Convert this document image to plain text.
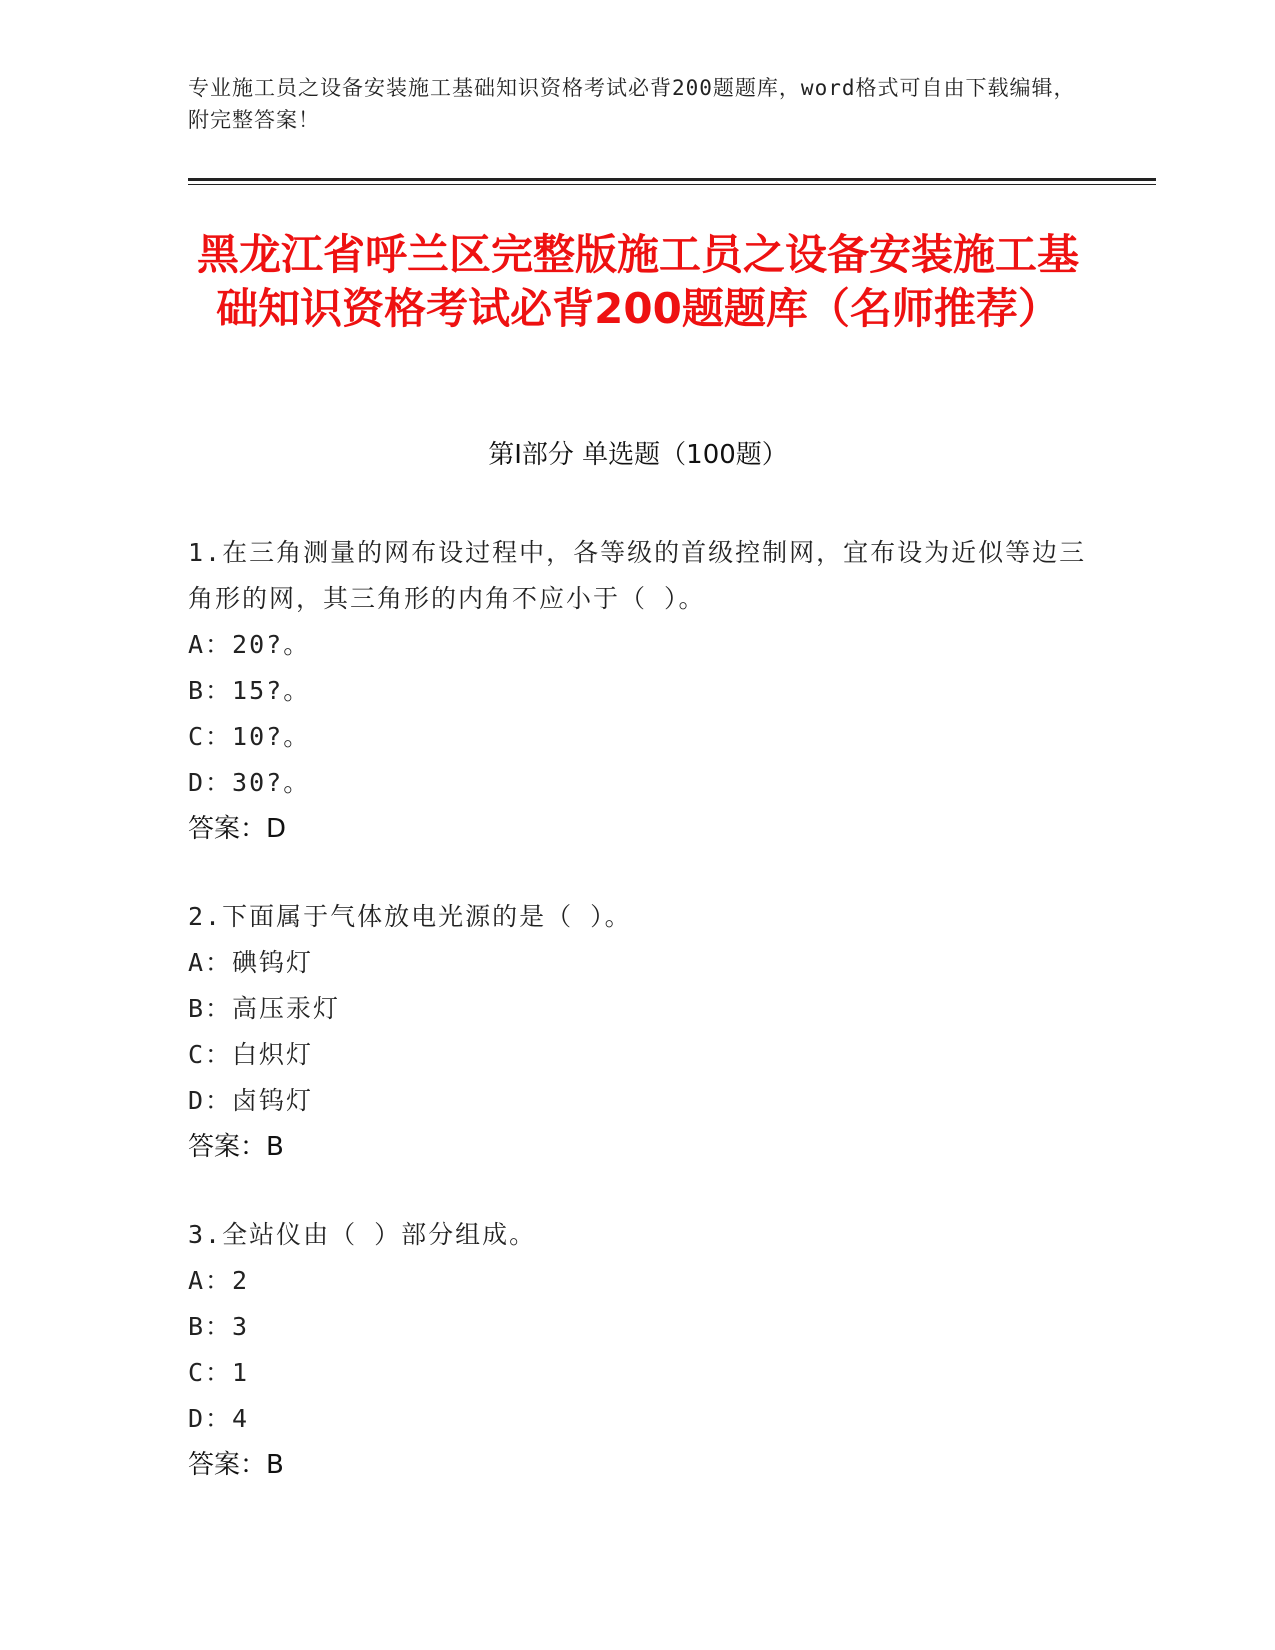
专业施工员之设备安装施工基础知识资格考试必背200题题库，word格式可自由下载编辑，附完整答案！
黑龙江省呼兰区完整版施工员之设备安装施工基础知识资格考试必背200题题库（名师推荐）
第Ⅰ部分 单选题（100题）
1.在三角测量的网布设过程中，各等级的首级控制网，宜布设为近似等边三角形的网，其三角形的内角不应小于（ ）。
A：20?。
B：15?。
C：10?。
D：30?。
答案：D
2.下面属于气体放电光源的是（ ）。
A：碘钨灯
B：高压汞灯
C：白炽灯
D：卤钨灯
答案：B
3.全站仪由（ ）部分组成。
A：2
B：3
C：1
D：4
答案：B
